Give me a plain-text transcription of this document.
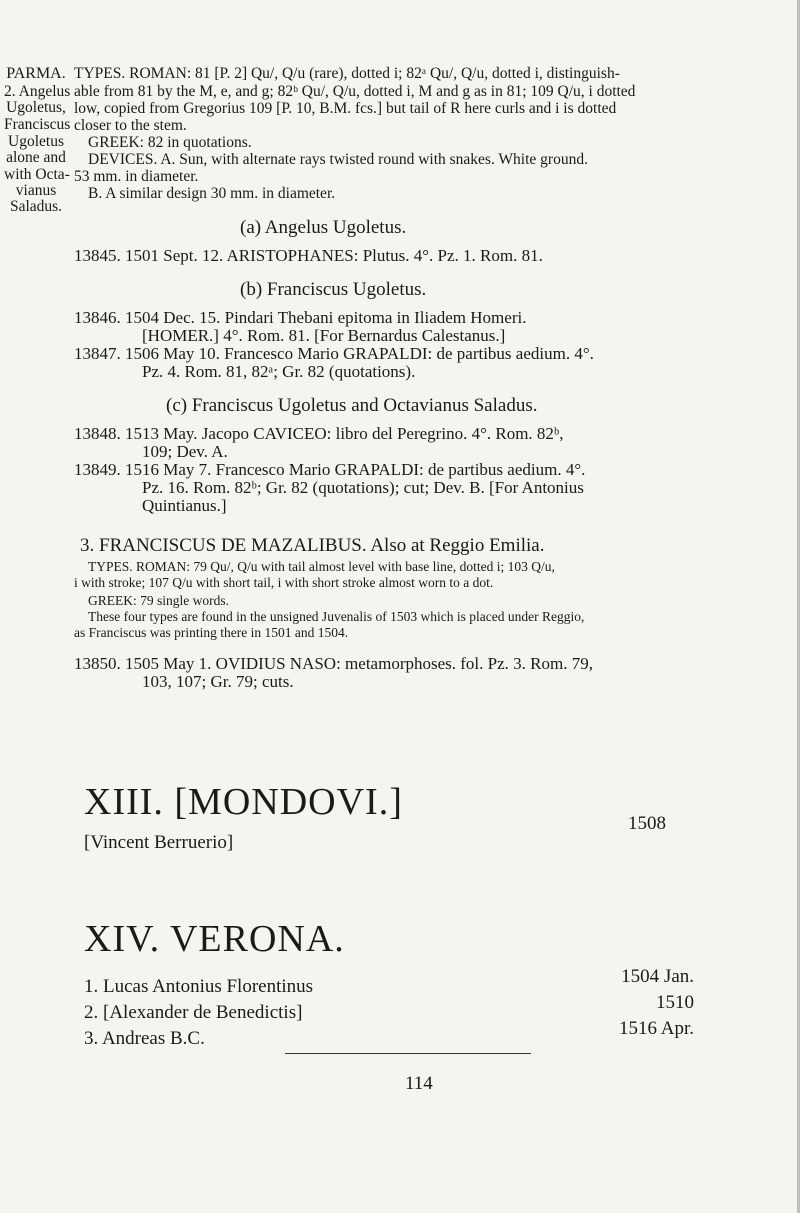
PARMA.
2. Angelus
Ugoletus,
Franciscus
Ugoletus
alone and
with Octa-
vianus
Saladus.
TYPES. ROMAN: 81 [P. 2] Qu/, Q/u (rare), dotted i; 82ᵃ Qu/, Q/u, dotted i, distinguish-
able from 81 by the M, e, and g; 82ᵇ Qu/, Q/u, dotted i, M and g as in 81; 109 Q/u, i dotted
low, copied from Gregorius 109 [P. 10, B.M. fcs.] but tail of R here curls and i is dotted
closer to the stem.
GREEK: 82 in quotations.
DEVICES. A. Sun, with alternate rays twisted round with snakes. White ground.
53 mm. in diameter.
B. A similar design 30 mm. in diameter.
(a) Angelus Ugoletus.
13845. 1501 Sept. 12. ARISTOPHANES: Plutus. 4°. Pz. 1. Rom. 81.
(b) Franciscus Ugoletus.
13846. 1504 Dec. 15. Pindari Thebani epitoma in Iliadem Homeri.
[HOMER.] 4°. Rom. 81. [For Bernardus Calestanus.]
13847. 1506 May 10. Francesco Mario GRAPALDI: de partibus aedium. 4°.
Pz. 4. Rom. 81, 82ᵃ; Gr. 82 (quotations).
(c) Franciscus Ugoletus and Octavianus Saladus.
13848. 1513 May. Jacopo CAVICEO: libro del Peregrino. 4°. Rom. 82ᵇ,
109; Dev. A.
13849. 1516 May 7. Francesco Mario GRAPALDI: de partibus aedium. 4°.
Pz. 16. Rom. 82ᵇ; Gr. 82 (quotations); cut; Dev. B. [For Antonius
Quintianus.]
3. FRANCISCUS DE MAZALIBUS. Also at Reggio Emilia.
TYPES. ROMAN: 79 Qu/, Q/u with tail almost level with base line, dotted i; 103 Q/u,
i with stroke; 107 Q/u with short tail, i with short stroke almost worn to a dot.
GREEK: 79 single words.
These four types are found in the unsigned Juvenalis of 1503 which is placed under Reggio,
as Franciscus was printing there in 1501 and 1504.
13850. 1505 May 1. OVIDIUS NASO: metamorphoses. fol. Pz. 3. Rom. 79,
103, 107; Gr. 79; cuts.
XIII. [MONDOVI.]
[Vincent Berruerio]
1508
XIV. VERONA.
1. Lucas Antonius Florentinus
2. [Alexander de Benedictis]
3. Andreas B.C.
1504 Jan.
1510
1516 Apr.
114
